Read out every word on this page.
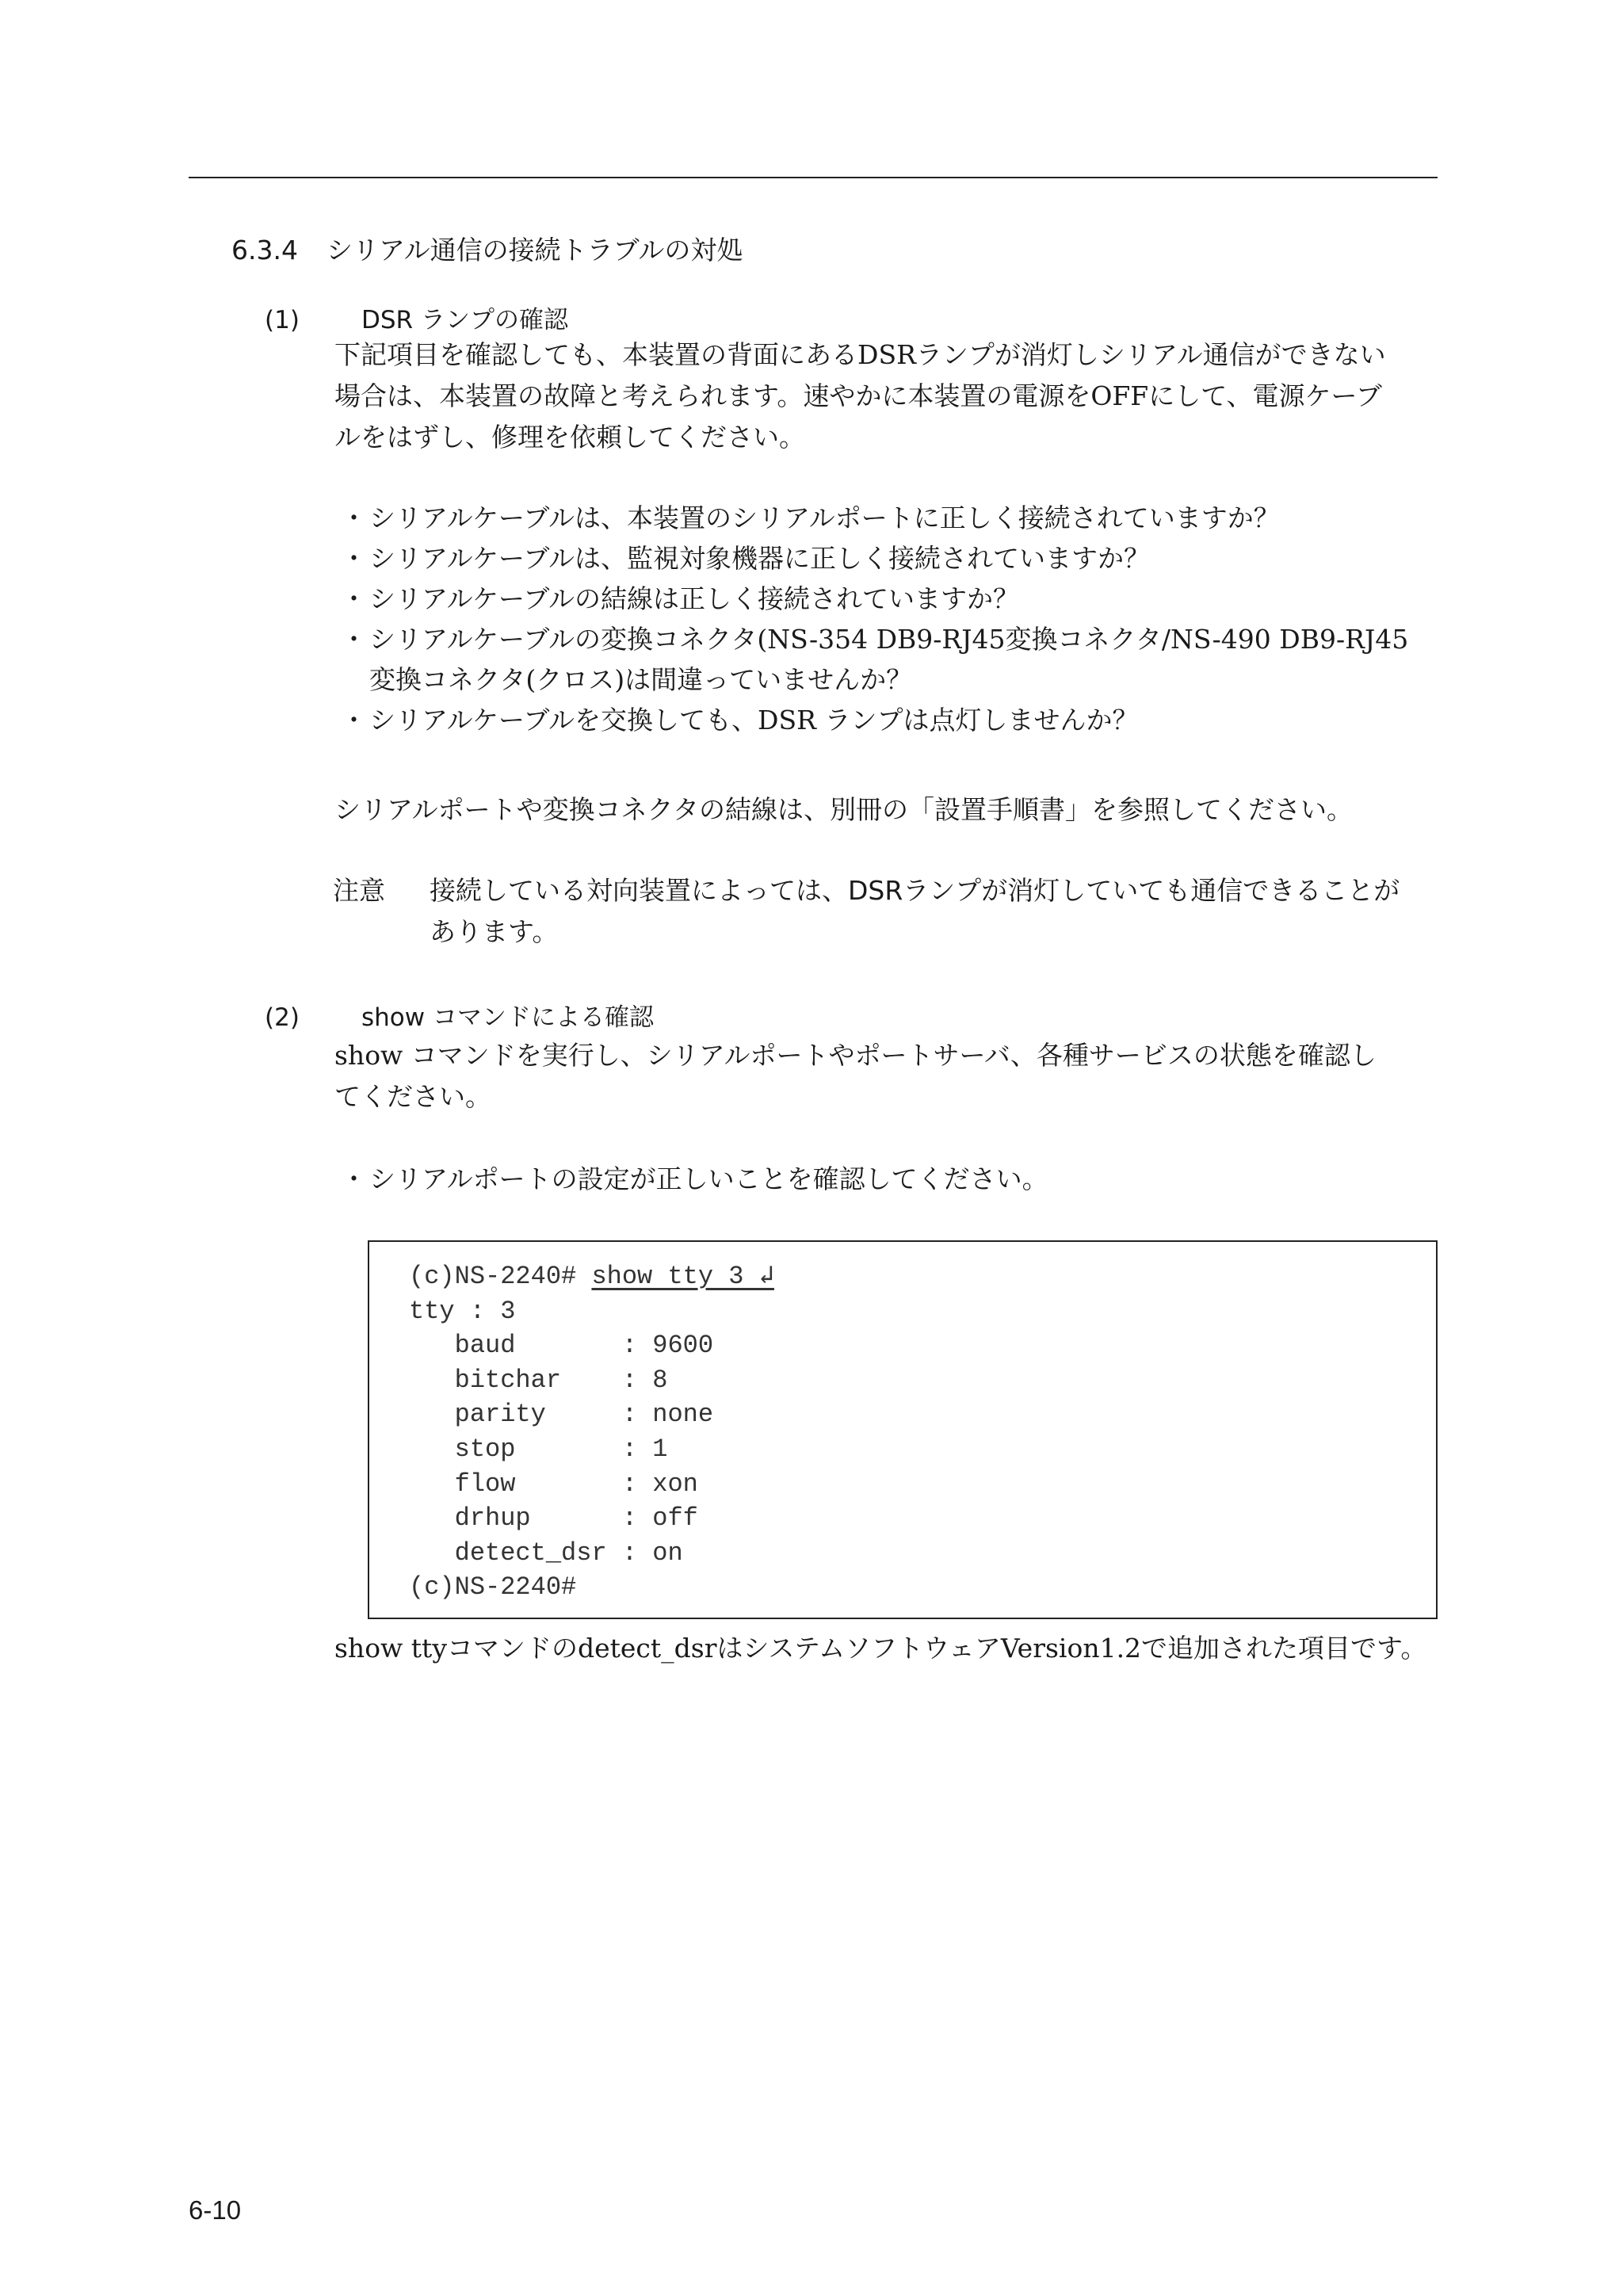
6.3.4 シリアル通信の接続トラブルの対処
(1)	DSR ランプの確認
下記項目を確認しても、本装置の背面にあるDSRランプが消灯しシリアル通信ができない
場合は、本装置の故障と考えられます。速やかに本装置の電源をOFFにして、電源ケーブ
ルをはずし、修理を依頼してください。
・シリアルケーブルは、本装置のシリアルポートに正しく接続されていますか？
・シリアルケーブルは、監視対象機器に正しく接続されていますか？
・シリアルケーブルの結線は正しく接続されていますか？
・シリアルケーブルの変換コネクタ(NS-354 DB9-RJ45変換コネクタ/NS-490 DB9-RJ45
変換コネクタ(クロス)は間違っていませんか？
・シリアルケーブルを交換しても、DSR ランプは点灯しませんか？
シリアルポートや変換コネクタの結線は、別冊の「設置手順書」を参照してください。
注意 接続している対向装置によっては、DSRランプが消灯していても通信できることが
あります。
(2)	show コマンドによる確認
show コマンドを実行し、シリアルポートやポートサーバ、各種サービスの状態を確認し
てください。
・シリアルポートの設定が正しいことを確認してください。
(c)NS-2240# show tty 3 ↲
tty : 3
baud       : 9600
bitchar    : 8
parity     : none
stop       : 1
flow       : xon
drhup      : off
detect_dsr : on
(c)NS-2240#
show ttyコマンドのdetect_dsrはシステムソフトウェアVersion1.2で追加された項目です。
6-10
